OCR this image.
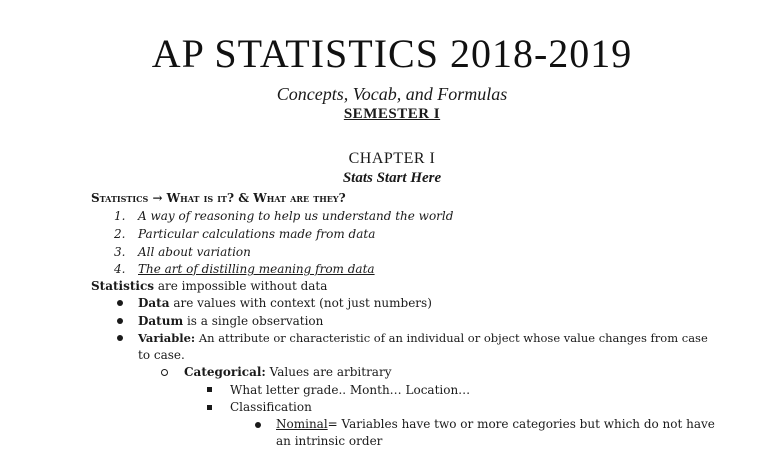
AP STATISTICS 2018-2019
Concepts, Vocab, and Formulas
SEMESTER I
CHAPTER I
Stats Start Here
Statistics → What is it? & What are they?
1. A way of reasoning to help us understand the world
2. Particular calculations made from data
3. All about variation
4. The art of distilling meaning from data
Statistics are impossible without data
Data are values with context (not just numbers)
Datum is a single observation
Variable: An attribute or characteristic of an individual or object whose value changes from case
to case.
Categorical: Values are arbitrary
What letter grade.. Month… Location…
Classification
Nominal= Variables have two or more categories but which do not have
an intrinsic order
